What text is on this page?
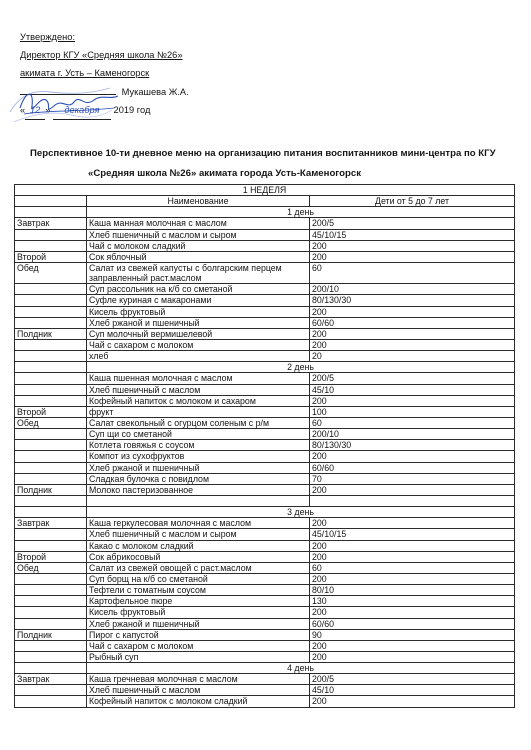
Утверждено:
Директор КГУ «Средняя школа №26»
акимата г. Усть – Каменогорск
Мукашева Ж.А.
« 12 » декабря 2019 год
Перспективное 10-ти дневное меню на организацию питания воспитанников мини-центра по КГУ
«Средняя школа №26» акимата города Усть-Каменогорск
1 НЕДЕЛЯ		
	Наименование	Дети от 5 до 7 лет
	1 день	
Завтрак	Каша манная молочная с маслом	200/5
	Хлеб пшеничный с маслом и сыром	45/10/15
	Чай с молоком сладкий	200
Второй	Сок яблочный	200
Обед	Салат из свежей капусты с болгарским перцем заправленный раст.маслом	60
	Суп рассольник на к/б со сметаной	200/10
	Суфле куриная с макаронами	80/130/30
	Кисель фруктовый	200
	Хлеб ржаной и пшеничный	60/60
Полдник	Суп молочный вермишелевой	200
	Чай с сахаром с молоком	200
	хлеб	20
	2 день	
	Каша пшенная молочная с маслом	200/5
	Хлеб пшеничный с маслом	45/10
	Кофейный напиток с молоком и сахаром	200
Второй	фрукт	100
Обед	Салат свекольный с огурцом соленым с р/м	60
	Суп щи со сметаной	200/10
	Котлета говяжья с соусом	80/130/30
	Компот из сухофруктов	200
	Хлеб ржаной и пшеничный	60/60
	Сладкая булочка с повидлом	70
Полдник	Молоко пастеризованное	200

	3 день	
Завтрак	Каша геркулесовая молочная с маслом	200
	Хлеб пшеничный с маслом и сыром	45/10/15
	Какао с молоком сладкий	200
Второй	Сок абрикосовый	200
Обед	Салат из свежей овощей с раст.маслом	60
	Суп борщ на к/б со сметаной	200
	Тефтели с томатным соусом	80/10
	Картофельное пюре	130
	Кисель фруктовый	200
	Хлеб ржаной и пшеничный	60/60
Полдник	Пирог с капустой	90
	Чай с сахаром с молоком	200
	Рыбный суп	200
	4 день	
Завтрак	Каша гречневая молочная с маслом	200/5
	Хлеб пшеничный с маслом	45/10
	Кофейный напиток с молоком сладкий	200
